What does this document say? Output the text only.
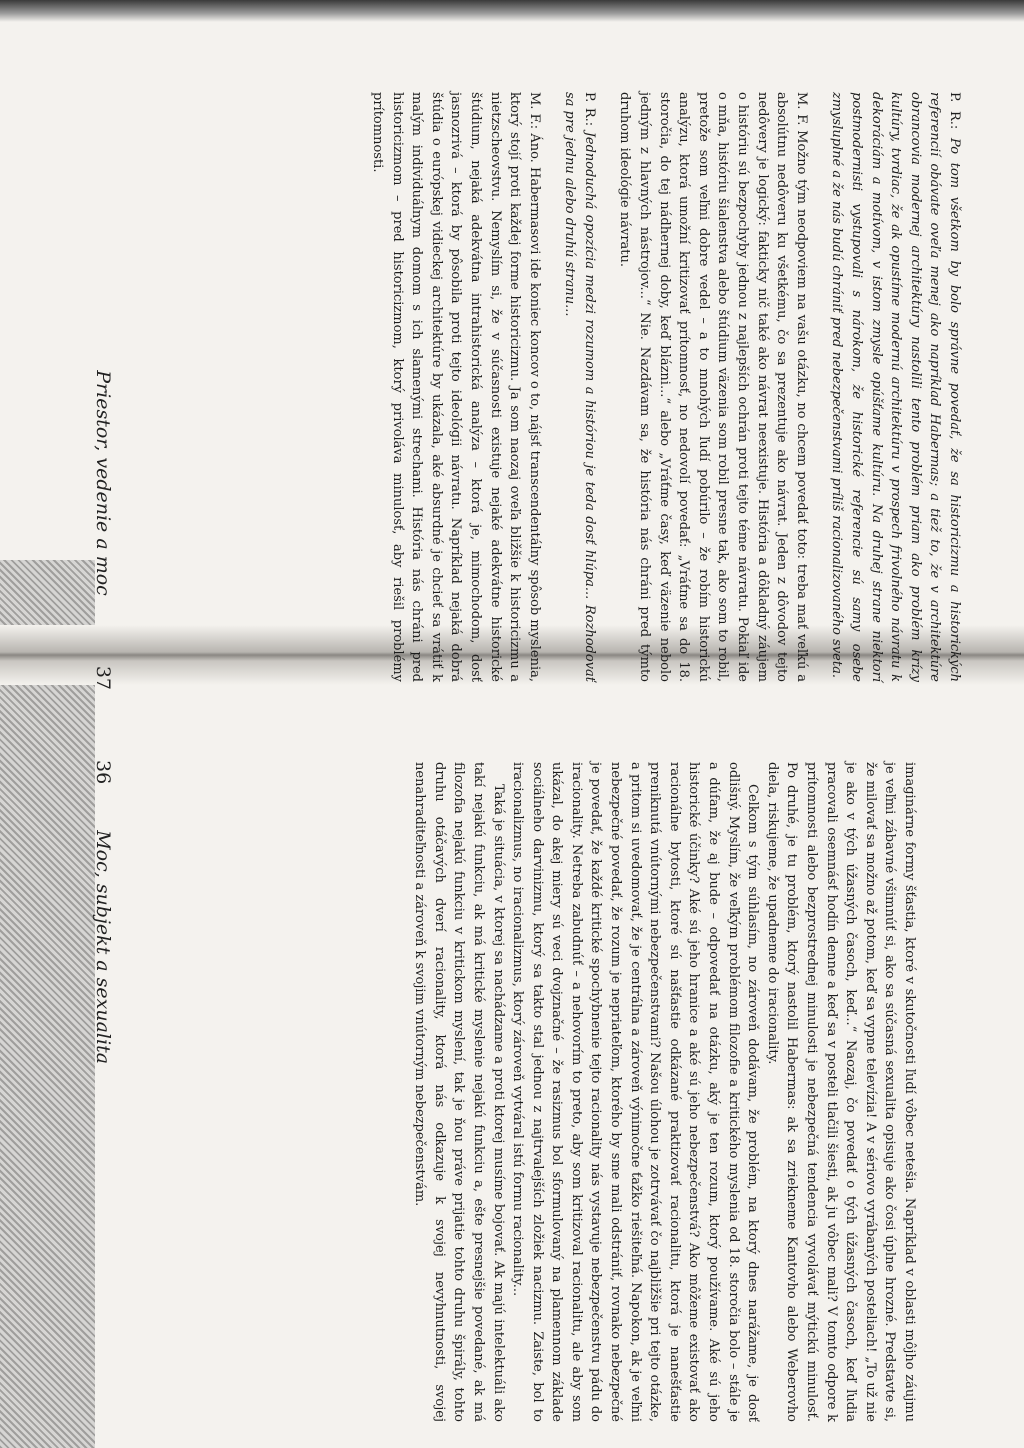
imaginárne formy šťastia, ktoré v skutočnosti ľudí vôbec netešia. Napríklad v oblasti môjho záujmu je veľmi zábavné všimnúť si, ako sa súčasná sexualita opisuje ako čosi úplne hrozné. Predstavte si, že milovať sa možno až potom, keď sa vypne televízia! A v sériovo vyrábaných posteliach! „To už nie je ako v tých úžasných časoch, keď...“ Naozaj, čo povedať o tých úžasných časoch, keď ľudia pracovali osemnásť hodín denne a keď sa v posteli tlačili šiesti, ak ju vôbec mali? V tomto odpore k prítomnosti alebo bezprostrednej minulosti je nebezpečná tendencia vyvolávať mýtickú minulosť. Po druhé, je tu problém, ktorý nastolil Habermas: ak sa zriekneme Kantovho alebo Weberovho diela, riskujeme, že upadneme do iracionality.

Celkom s tým súhlasím, no zároveň dodávam, že problém, na ktorý dnes narážame, je dosť odlišný. Myslím, že veľkým problémom filozofie a kritického myslenia od 18. storočia bolo – stále je a dúfam, že aj bude – odpovedať na otázku, aký je ten rozum, ktorý používame. Aké sú jeho historické účinky? Aké sú jeho hranice a aké sú jeho nebezpečenstvá? Ako môžeme existovať ako racionálne bytosti, ktoré sú našťastie odkázané praktizovať racionalitu, ktorá je nanešťastie preniknutá vnútornými nebezpečenstvami? Našou úlohou je zotrvávať čo najbližšie pri tejto otázke, a pritom si uvedomovať, že je centrálna a zároveň výnimočne ťažko riešiteľná. Napokon, ak je veľmi nebezpečné povedať, že rozum je nepriateľom, ktorého by sme mali odstrániť, rovnako nebezpečné je povedať, že každé kritické spochybnenie tejto racionality nás vystavuje nebezpečenstvu pádu do iracionality. Netreba zabudnúť – a nehovorím to preto, aby som kritizoval racionalitu, ale aby som ukázal, do akej miery sú veci dvojznačné – že rasizmus bol sformulovaný na plamennom základe sociálneho darvinizmu, ktorý sa takto stal jednou z najtrvalejších zložiek nacizmu. Zaiste, bol to iracionalizmus, no iracionalizmus, ktorý zároveň vytváral istú formu racionality...

Taká je situácia, v ktorej sa nachádzame a proti ktorej musíme bojovať. Ak majú intelektuáli ako takí nejakú funkciu, ak má kritické myslenie nejakú funkciu a, ešte presnejšie povedané, ak má filozofia nejakú funkciu v kritickom myslení, tak je ňou práve prijatie tohto druhu špirály, tohto druhu otáčavých dverí racionality, ktorá nás odkazuje k svojej nevyhnutnosti, svojej nenahraditeľnosti a zároveň k svojim vnútorným nebezpečenstvám.

36
Moc, subjekt a sexualita

P. R.: Po tom všetkom by bolo správne povedať, že sa historicizmu a historických referencií obávate oveľa menej ako napríklad Habermas; a tiež to, že v architektúre obrancovia modernej architektúry nastolili tento problém priam ako problém krízy kultúry, tvrdiac, že ak opustíme modernú architektúru v prospech frivolného návratu k dekoráciám a motívom, v istom zmysle opúšťame kultúru. Na druhej strane niektorí postmodernisti vystupovali s nárokom, že historické referencie sú samy osebe zmysluplné a že nás budú chrániť pred nebezpečenstvami príliš racionalizovaného sveta.

M. F. Možno tým neodpoviem na vašu otázku, no chcem povedať toto: treba mať veľkú a absolútnu nedôveru ku všetkému, čo sa prezentuje ako návrat. Jeden z dôvodov tejto nedôvery je logický: fakticky nič také ako návrat neexistuje. História a dôkladný záujem o históriu sú bezpochyby jednou z najlepších ochrán proti tejto téme návratu. Pokiaľ ide o mňa, históriu šialenstva alebo štúdium väzenia som robil presne tak, ako som to robil, pretože som veľmi dobre vedel – a to mnohých ľudí pobúrilo – že robím historickú analýzu, ktorá umožní kritizovať prítomnosť, no nedovolí povedať: „Vráťme sa do 18. storočia, do tej nádhernej doby, keď blázni...“ alebo „Vráťme časy, keď väzenie nebolo jedným z hlavných nástrojov...“ Nie. Nazdávam sa, že história nás chráni pred týmto druhom ideológie návratu.

P. R.: Jednoduchá opozícia medzi rozumom a históriou je teda dosť hlúpa... Rozhodovať sa pre jednu alebo druhú stranu...

M. F.: Áno. Habermasovi ide koniec koncov o to, nájsť transcendentálny spôsob myslenia, ktorý stojí proti každej forme historicizmu. Ja som naozaj oveľa bližšie k historicizmu a nietzscheovstvu. Nemyslím si, že v súčasnosti existuje nejaké adekvátne historické štúdium, nejaká adekvátna intrahistorická analýza – ktorá je, mimochodom, dosť jasnozrivá – ktorá by pôsobila proti tejto ideológii návratu. Napríklad nejaká dobrá štúdia o európskej vidieckej architektúre by ukázala, aké absurdné je chcieť sa vrátiť k malým individuálnym domom s ich slamenými strechami. História nás chráni pred historicizmom – pred historicizmom, ktorý privoláva minulosť, aby riešil problémy prítomnosti.

Priestor, vedenie a moc
37
